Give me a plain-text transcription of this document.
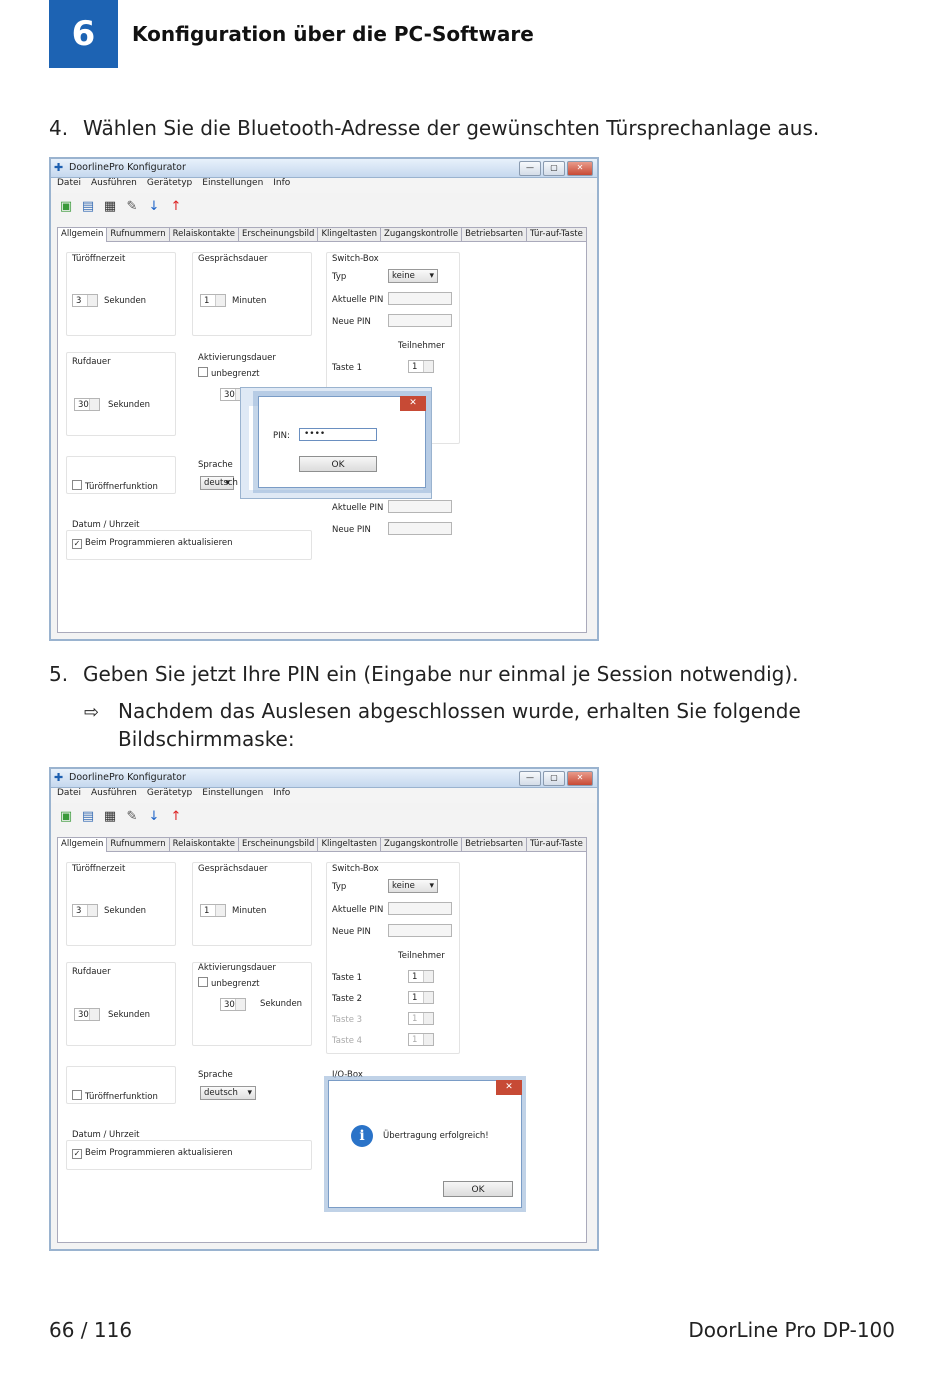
6	Konfiguration über die PC-Software
4. Wählen Sie die Bluetooth-Adresse der gewünschten Türsprechanlage aus.
✚ DoorlinePro Konfigurator	—	▢	✕
Datei Ausführen Gerätetyp Einstellungen Info
▣ ▤ ▦ ✎ ↓ ↑
Allgemein Rufnummern Relaiskontakte Erscheinungsbild Klingeltasten Zugangskontrolle Betriebsarten Tür-auf-Taste
Türöffnerzeit
3	Sekunden
Gesprächsdauer
1	Minuten
Switch-Box
Typ	keine ▾
Aktuelle PIN
Neue PIN
Teilnehmer
Taste 1	1
Rufdauer
30	Sekunden
Aktivierungsdauer
unbegrenzt
30
✕
PIN:	••••
OK
Türöffnerfunktion
Sprache
deutsch ▾
Aktuelle PIN
Neue PIN
Datum / Uhrzeit
✓ Beim Programmieren aktualisieren
5. Geben Sie jetzt Ihre PIN ein (Eingabe nur einmal je Session notwendig).
⇨ Nachdem das Auslesen abgeschlossen wurde, erhalten Sie folgende
Bildschirmmaske:
✚ DoorlinePro Konfigurator	—	▢	✕
Datei Ausführen Gerätetyp Einstellungen Info
▣ ▤ ▦ ✎ ↓ ↑
Allgemein Rufnummern Relaiskontakte Erscheinungsbild Klingeltasten Zugangskontrolle Betriebsarten Tür-auf-Taste
Türöffnerzeit
3	Sekunden
Gesprächsdauer
1	Minuten
Switch-Box
Typ	keine ▾
Aktuelle PIN
Neue PIN
Teilnehmer
Taste 1	1
Taste 2	1
Taste 3	1
Taste 4	1
Rufdauer
30	Sekunden
Aktivierungsdauer
unbegrenzt
30	Sekunden
Türöffnerfunktion
Sprache
deutsch ▾
I/O-Box
Datum / Uhrzeit
✓ Beim Programmieren aktualisieren
✕
i	Übertragung erfolgreich!
OK
66 / 116	DoorLine Pro DP-100
